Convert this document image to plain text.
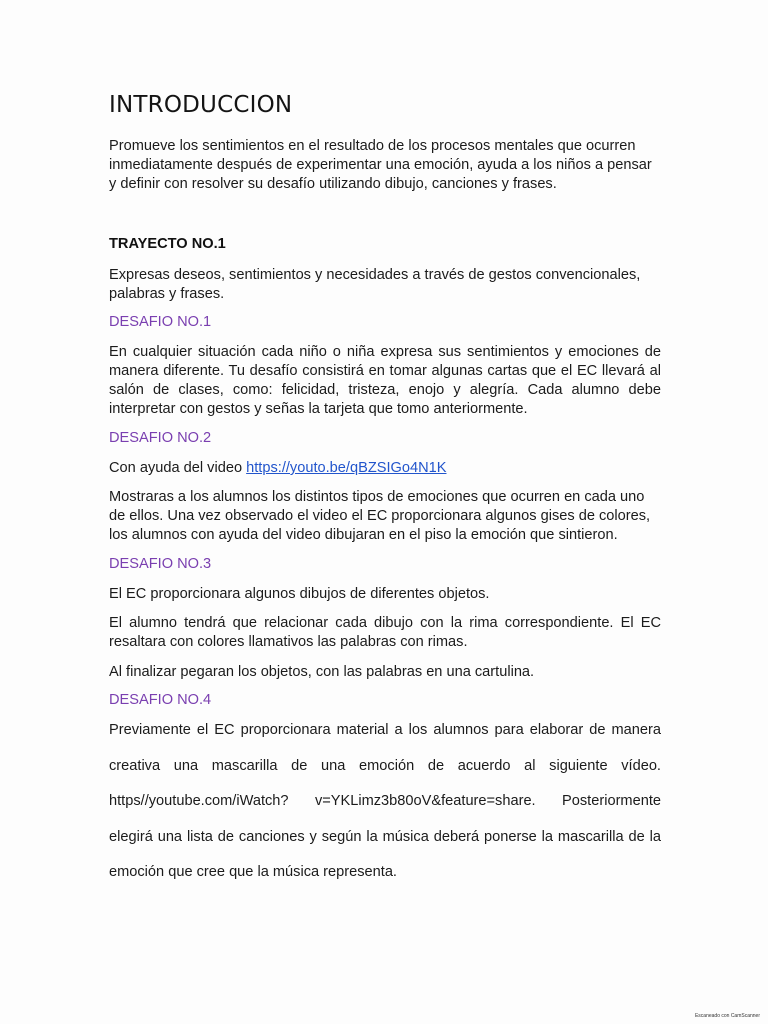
INTRODUCCION

Promueve los sentimientos en el resultado de los procesos mentales que ocurren inmediatamente después de experimentar una emoción, ayuda a los niños a pensar y definir con resolver su desafío utilizando dibujo, canciones y frases.

TRAYECTO NO.1

Expresas deseos, sentimientos y necesidades a través de gestos convencionales, palabras y frases.

DESAFIO NO.1

En cualquier situación cada niño o niña expresa sus sentimientos y emociones de manera diferente. Tu desafío consistirá en tomar algunas cartas que el EC llevará al salón de clases, como: felicidad, tristeza, enojo y alegría. Cada alumno debe interpretar con gestos y señas la tarjeta que tomo anteriormente.

DESAFIO NO.2

Con ayuda del video https://youto.be/qBZSIGo4N1K

Mostraras a los alumnos los distintos tipos de emociones que ocurren en cada uno de ellos. Una vez observado el video el EC proporcionara algunos gises de colores, los alumnos con ayuda del video dibujaran en el piso la emoción que sintieron.

DESAFIO NO.3

El EC proporcionara algunos dibujos de diferentes objetos.

El alumno tendrá que relacionar cada dibujo con la rima correspondiente. El EC resaltara con colores llamativos las palabras con rimas.

Al finalizar pegaran los objetos, con las palabras en una cartulina.

DESAFIO NO.4

Previamente el EC proporcionara material a los alumnos para elaborar de manera
creativa una mascarilla de una emoción de acuerdo al siguiente vídeo.
https//youtube.com/iWatch? v=YKLimz3b80oV&feature=share. Posteriormente
elegirá una lista de canciones y según la música deberá ponerse la mascarilla de la
emoción que cree que la música representa.
Escaneado con CamScanner
